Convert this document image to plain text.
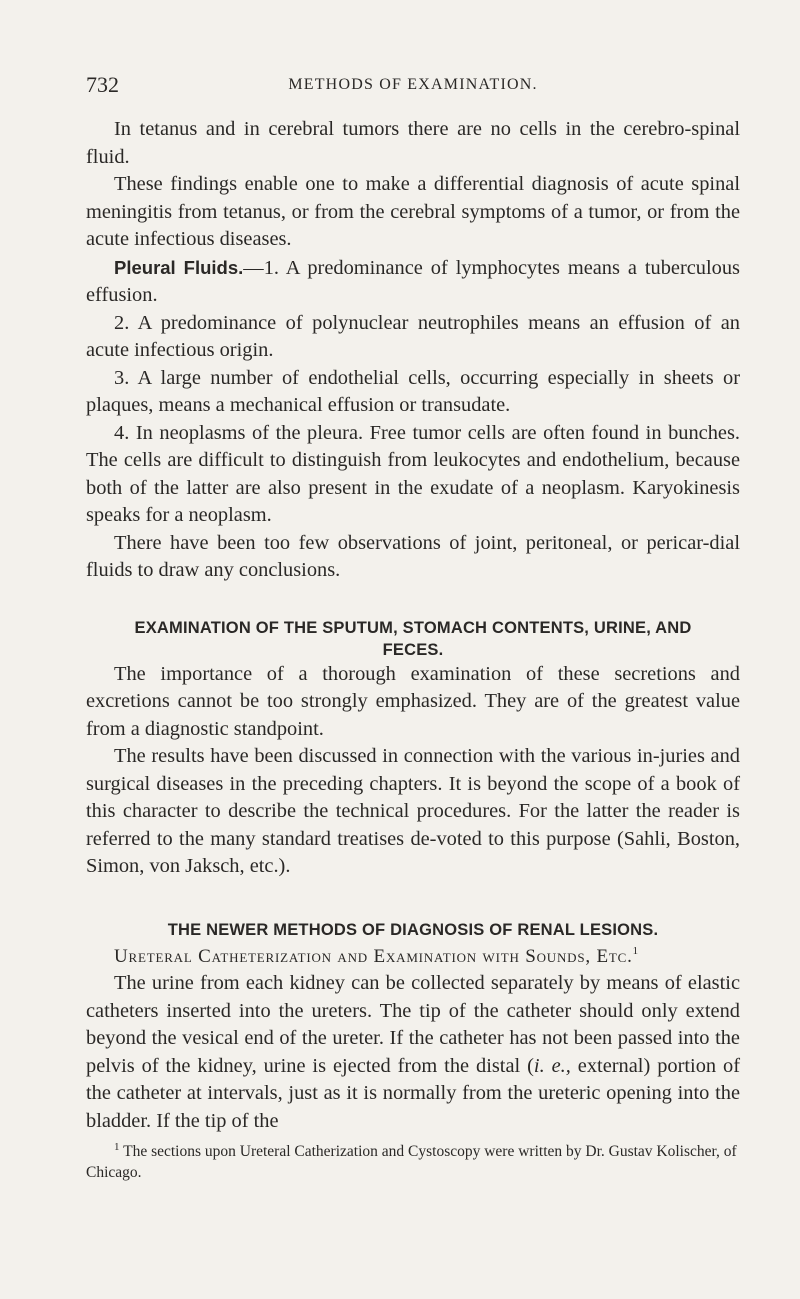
732	METHODS OF EXAMINATION.

In tetanus and in cerebral tumors there are no cells in the cerebro-spinal fluid.

These findings enable one to make a differential diagnosis of acute spinal meningitis from tetanus, or from the cerebral symptoms of a tumor, or from the acute infectious diseases.

Pleural Fluids.—1. A predominance of lymphocytes means a tuberculous effusion.

2. A predominance of polynuclear neutrophiles means an effusion of an acute infectious origin.

3. A large number of endothelial cells, occurring especially in sheets or plaques, means a mechanical effusion or transudate.

4. In neoplasms of the pleura. Free tumor cells are often found in bunches. The cells are difficult to distinguish from leukocytes and endothelium, because both of the latter are also present in the exudate of a neoplasm. Karyokinesis speaks for a neoplasm.

There have been too few observations of joint, peritoneal, or pericar-dial fluids to draw any conclusions.

EXAMINATION OF THE SPUTUM, STOMACH CONTENTS, URINE, AND
FECES.

The importance of a thorough examination of these secretions and excretions cannot be too strongly emphasized. They are of the greatest value from a diagnostic standpoint.

The results have been discussed in connection with the various in-juries and surgical diseases in the preceding chapters. It is beyond the scope of a book of this character to describe the technical procedures. For the latter the reader is referred to the many standard treatises de-voted to this purpose (Sahli, Boston, Simon, von Jaksch, etc.).

THE NEWER METHODS OF DIAGNOSIS OF RENAL LESIONS.

Ureteral Catheterization and Examination with Sounds, Etc.$^1$

The urine from each kidney can be collected separately by means of elastic catheters inserted into the ureters. The tip of the catheter should only extend beyond the vesical end of the ureter. If the catheter has not been passed into the pelvis of the kidney, urine is ejected from the distal (i. e., external) portion of the catheter at intervals, just as it is normally from the ureteric opening into the bladder. If the tip of the

$^1$ The sections upon Ureteral Catherization and Cystoscopy were written by Dr. Gustav Kolischer, of Chicago.
